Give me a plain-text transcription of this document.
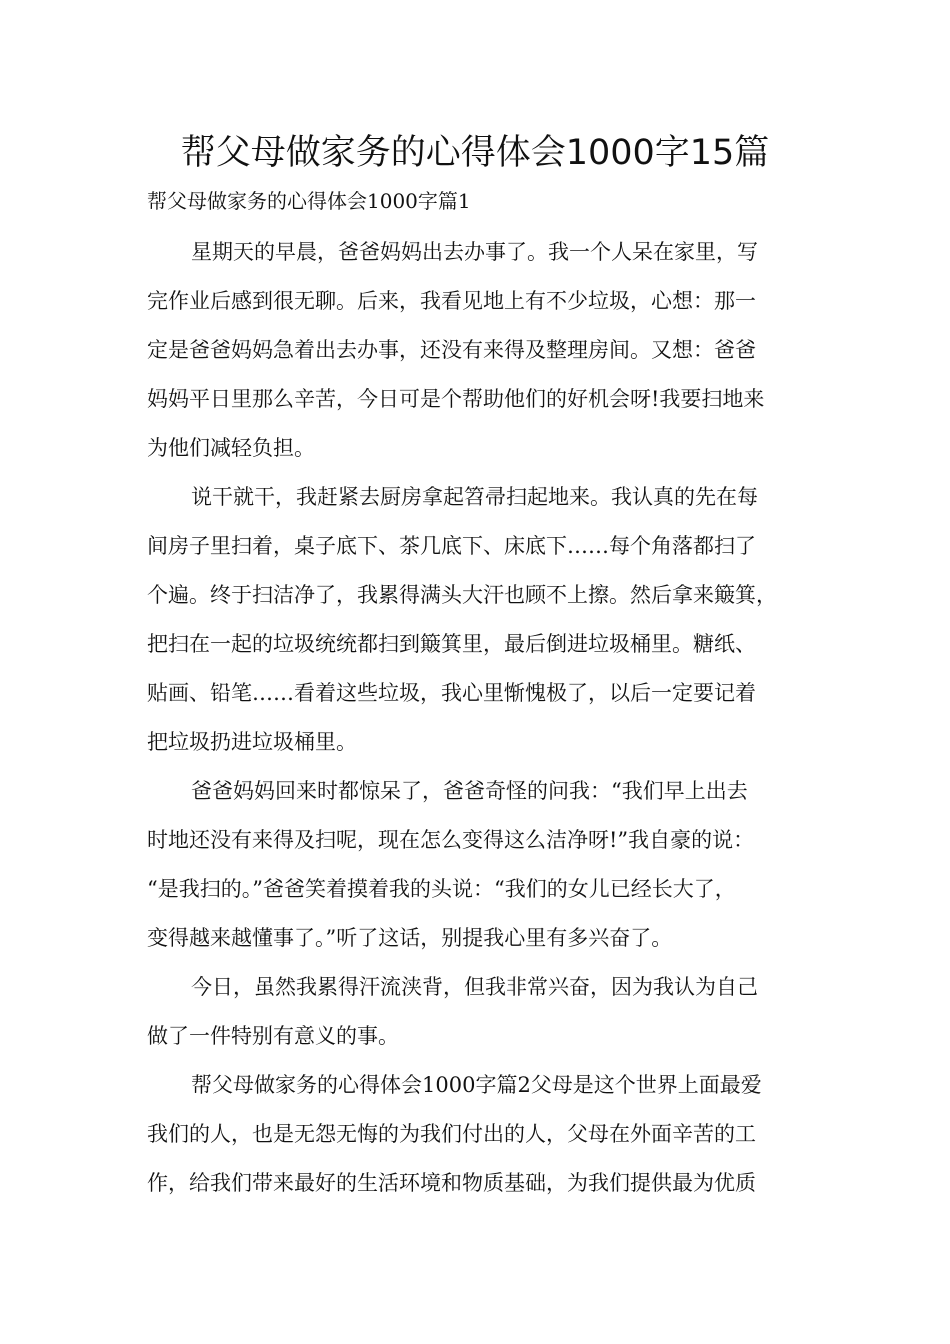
帮父母做家务的心得体会1000字15篇

帮父母做家务的心得体会1000字篇1

星期天的早晨，爸爸妈妈出去办事了。我一个人呆在家里，写
完作业后感到很无聊。后来，我看见地上有不少垃圾，心想：那一
定是爸爸妈妈急着出去办事，还没有来得及整理房间。又想：爸爸
妈妈平日里那么辛苦，今日可是个帮助他们的好机会呀!我要扫地来
为他们减轻负担。

说干就干，我赶紧去厨房拿起笤帚扫起地来。我认真的先在每
间房子里扫着，桌子底下、茶几底下、床底下……每个角落都扫了
个遍。终于扫洁净了，我累得满头大汗也顾不上擦。然后拿来簸箕，
把扫在一起的垃圾统统都扫到簸箕里，最后倒进垃圾桶里。糖纸、
贴画、铅笔……看着这些垃圾，我心里惭愧极了，以后一定要记着
把垃圾扔进垃圾桶里。

爸爸妈妈回来时都惊呆了，爸爸奇怪的问我：“我们早上出去
时地还没有来得及扫呢，现在怎么变得这么洁净呀!”我自豪的说：
“是我扫的。”爸爸笑着摸着我的头说：“我们的女儿已经长大了，
变得越来越懂事了。”听了这话，别提我心里有多兴奋了。

今日，虽然我累得汗流浃背，但我非常兴奋，因为我认为自己
做了一件特别有意义的事。

帮父母做家务的心得体会1000字篇2父母是这个世界上面最爱
我们的人，也是无怨无悔的为我们付出的人，父母在外面辛苦的工
作，给我们带来最好的生活环境和物质基础，为我们提供最为优质
